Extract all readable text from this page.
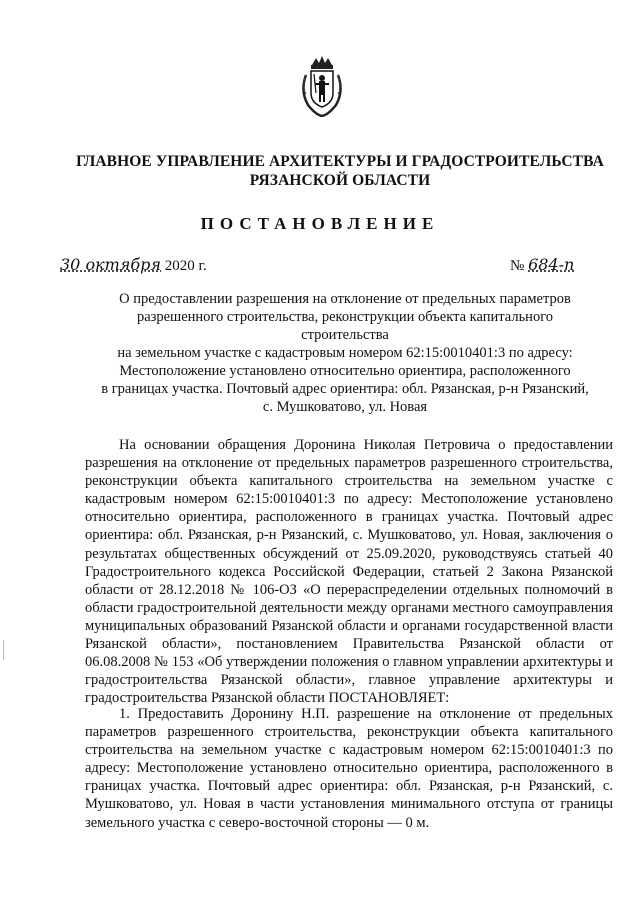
ГЛАВНОЕ УПРАВЛЕНИЕ АРХИТЕКТУРЫ И ГРАДОСТРОИТЕЛЬСТВА
РЯЗАНСКОЙ ОБЛАСТИ
ПОСТАНОВЛЕНИЕ
30 октября 2020 г.	№ 684-п
О предоставлении разрешения на отклонение от предельных параметров
разрешенного строительства, реконструкции объекта капитального строительства
на земельном участке с кадастровым номером 62:15:0010401:3 по адресу:
Местоположение установлено относительно ориентира, расположенного
в границах участка. Почтовый адрес ориентира: обл. Рязанская, р-н Рязанский,
с. Мушковатово, ул. Новая

На основании обращения Доронина Николая Петровича о предоставлении разрешения на отклонение от предельных параметров разрешенного строительства, реконструкции объекта капитального строительства на земельном участке с кадастровым номером 62:15:0010401:3 по адресу: Местоположение установлено относительно ориентира, расположенного в границах участка. Почтовый адрес ориентира: обл. Рязанская, р-н Рязанский, с. Мушковатово, ул. Новая, заключения о результатах общественных обсуждений от 25.09.2020, руководствуясь статьей 40 Градостроительного кодекса Российской Федерации, статьей 2 Закона Рязанской области от 28.12.2018 № 106-ОЗ «О перераспределении отдельных полномочий в области градостроительной деятельности между органами местного самоуправления муниципальных образований Рязанской области и органами государственной власти Рязанской области», постановлением Правительства Рязанской области от 06.08.2008 № 153 «Об утверждении положения о главном управлении архитектуры и градостроительства Рязанской области», главное управление архитектуры и градостроительства Рязанской области ПОСТАНОВЛЯЕТ:

1. Предоставить Доронину Н.П. разрешение на отклонение от предельных параметров разрешенного строительства, реконструкции объекта капитального строительства на земельном участке с кадастровым номером 62:15:0010401:3 по адресу: Местоположение установлено относительно ориентира, расположенного в границах участка. Почтовый адрес ориентира: обл. Рязанская, р-н Рязанский, с. Мушковатово, ул. Новая в части установления минимального отступа от границы земельного участка с северо-восточной стороны — 0 м.
